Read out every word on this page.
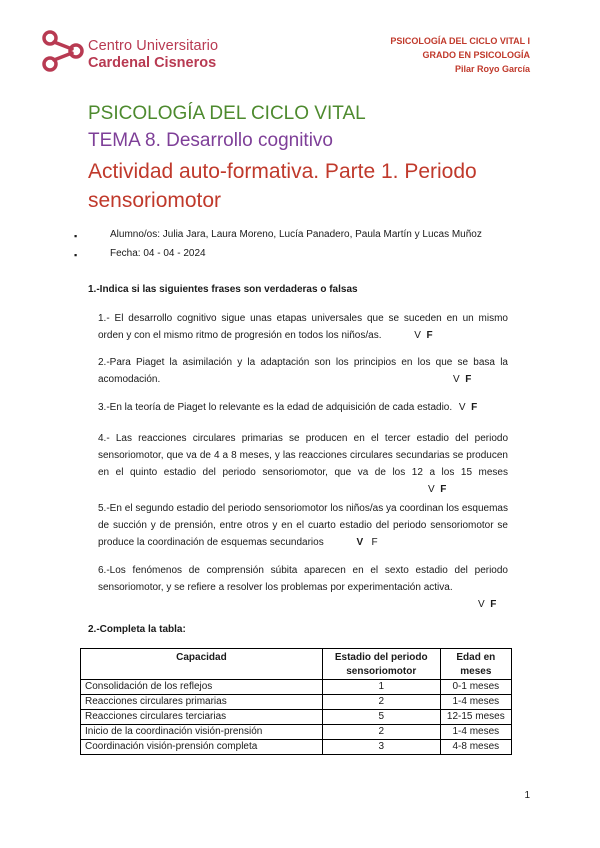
Centro Universitario
Cardenal Cisneros
PSICOLOGÍA DEL CICLO VITAL I
GRADO EN PSICOLOGÍA
Pilar Royo García
PSICOLOGÍA DEL CICLO VITAL
TEMA 8. Desarrollo cognitivo
Actividad auto-formativa. Parte 1. Periodo sensoriomotor
▪	Alumno/os: Julia Jara, Laura Moreno, Lucía Panadero, Paula Martín y Lucas Muñoz
▪	Fecha: 04 - 04 - 2024
1.-Indica si las siguientes frases son verdaderas o falsas
1.- El desarrollo cognitivo sigue unas etapas universales que se suceden en un mismo orden y con el mismo ritmo de progresión en todos los niños/as.	V F
2.-Para Piaget la asimilación y la adaptación son los principios en los que se basa la acomodación.	V F
3.-En la teoría de Piaget lo relevante es la edad de adquisición de cada estadio. V F
4.- Las reacciones circulares primarias se producen en el tercer estadio del periodo sensoriomotor, que va de 4 a 8 meses, y las reacciones circulares secundarias se producen en el quinto estadio del periodo sensoriomotor, que va de los 12 a los 15 meses V F
5.-En el segundo estadio del periodo sensoriomotor los niños/as ya coordinan los esquemas de succión y de prensión, entre otros y en el cuarto estadio del periodo sensoriomotor se produce la coordinación de esquemas secundarios	V F
6.-Los fenómenos de comprensión súbita aparecen en el sexto estadio del periodo sensoriomotor, y se refiere a resolver los problemas por experimentación activa.
V F
2.-Completa la tabla:
Capacidad	Estadio del periodo sensoriomotor	Edad en meses
Consolidación de los reflejos	1	0-1 meses
Reacciones circulares primarias	2	1-4 meses
Reacciones circulares terciarias	5	12-15 meses
Inicio de la coordinación visión-prensión	2	1-4 meses
Coordinación visión-prensión completa	3	4-8 meses
1
